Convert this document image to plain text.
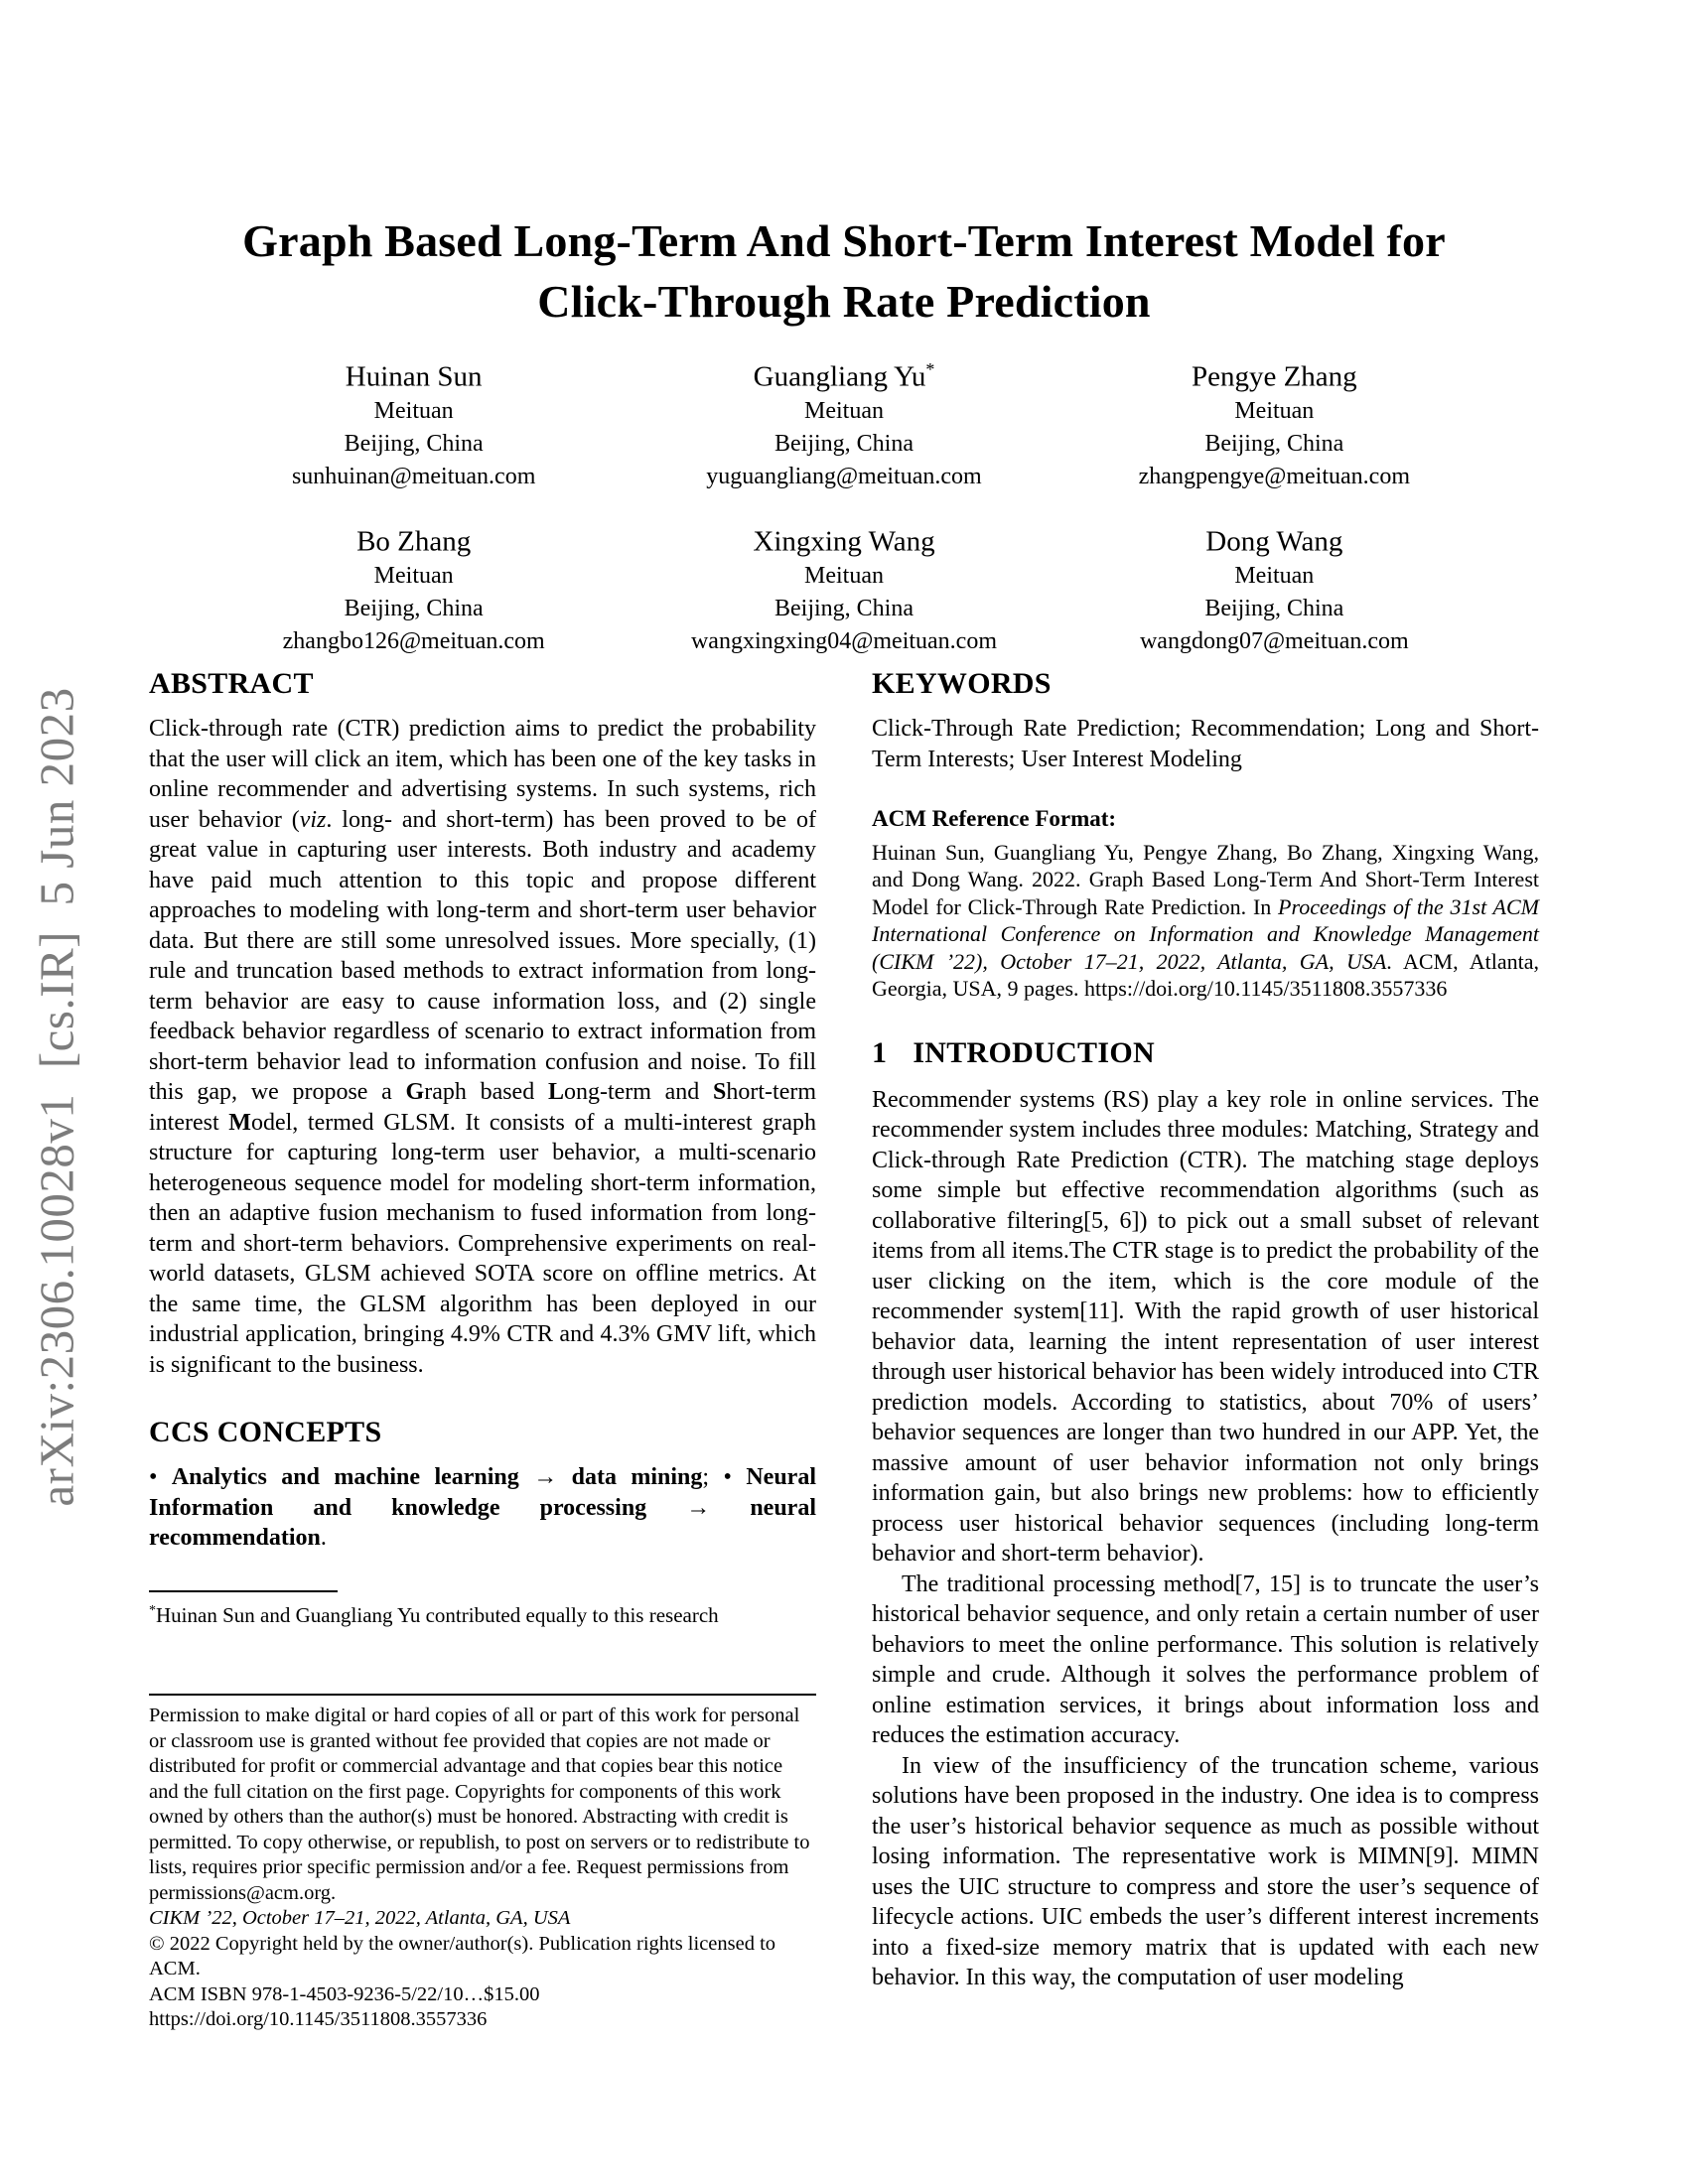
arXiv:2306.10028v1  [cs.IR]  5 Jun 2023
Graph Based Long-Term And Short-Term Interest Model for
Click-Through Rate Prediction
Huinan Sun
Meituan
Beijing, China
sunhuinan@meituan.com
Guangliang Yu*
Meituan
Beijing, China
yuguangliang@meituan.com
Pengye Zhang
Meituan
Beijing, China
zhangpengye@meituan.com
Bo Zhang
Meituan
Beijing, China
zhangbo126@meituan.com
Xingxing Wang
Meituan
Beijing, China
wangxingxing04@meituan.com
Dong Wang
Meituan
Beijing, China
wangdong07@meituan.com
ABSTRACT

Click-through rate (CTR) prediction aims to predict the probability that the user will click an item, which has been one of the key tasks in online recommender and advertising systems. In such systems, rich user behavior (viz. long- and short-term) has been proved to be of great value in capturing user interests. Both industry and academy have paid much attention to this topic and propose different approaches to modeling with long-term and short-term user behavior data. But there are still some unresolved issues. More specially, (1) rule and truncation based methods to extract information from long-term behavior are easy to cause information loss, and (2) single feedback behavior regardless of scenario to extract information from short-term behavior lead to information confusion and noise. To fill this gap, we propose a Graph based Long-term and Short-term interest Model, termed GLSM. It consists of a multi-interest graph structure for capturing long-term user behavior, a multi-scenario heterogeneous sequence model for modeling short-term information, then an adaptive fusion mechanism to fused information from long-term and short-term behaviors. Comprehensive experiments on real-world datasets, GLSM achieved SOTA score on offline metrics. At the same time, the GLSM algorithm has been deployed in our industrial application, bringing 4.9% CTR and 4.3% GMV lift, which is significant to the business.

CCS CONCEPTS

• Analytics and machine learning → data mining; • Neural Information and knowledge processing → neural recommendation.

*Huinan Sun and Guangliang Yu contributed equally to this research
Permission to make digital or hard copies of all or part of this work for personal or classroom use is granted without fee provided that copies are not made or distributed for profit or commercial advantage and that copies bear this notice and the full citation on the first page. Copyrights for components of this work owned by others than the author(s) must be honored. Abstracting with credit is permitted. To copy otherwise, or republish, to post on servers or to redistribute to lists, requires prior specific permission and/or a fee. Request permissions from permissions@acm.org.
CIKM ’22, October 17–21, 2022, Atlanta, GA, USA
© 2022 Copyright held by the owner/author(s). Publication rights licensed to ACM.
ACM ISBN 978-1-4503-9236-5/22/10…$15.00
https://doi.org/10.1145/3511808.3557336
KEYWORDS

Click-Through Rate Prediction; Recommendation; Long and Short-Term Interests; User Interest Modeling

ACM Reference Format:

Huinan Sun, Guangliang Yu, Pengye Zhang, Bo Zhang, Xingxing Wang, and Dong Wang. 2022. Graph Based Long-Term And Short-Term Interest Model for Click-Through Rate Prediction. In Proceedings of the 31st ACM International Conference on Information and Knowledge Management (CIKM ’22), October 17–21, 2022, Atlanta, GA, USA. ACM, Atlanta, Georgia, USA, 9 pages. https://doi.org/10.1145/3511808.3557336

1 INTRODUCTION

Recommender systems (RS) play a key role in online services. The recommender system includes three modules: Matching, Strategy and Click-through Rate Prediction (CTR). The matching stage deploys some simple but effective recommendation algorithms (such as collaborative filtering[5, 6]) to pick out a small subset of relevant items from all items.The CTR stage is to predict the probability of the user clicking on the item, which is the core module of the recommender system[11]. With the rapid growth of user historical behavior data, learning the intent representation of user interest through user historical behavior has been widely introduced into CTR prediction models. According to statistics, about 70% of users’ behavior sequences are longer than two hundred in our APP. Yet, the massive amount of user behavior information not only brings information gain, but also brings new problems: how to efficiently process user historical behavior sequences (including long-term behavior and short-term behavior).

The traditional processing method[7, 15] is to truncate the user’s historical behavior sequence, and only retain a certain number of user behaviors to meet the online performance. This solution is relatively simple and crude. Although it solves the performance problem of online estimation services, it brings about information loss and reduces the estimation accuracy.

In view of the insufficiency of the truncation scheme, various solutions have been proposed in the industry. One idea is to compress the user’s historical behavior sequence as much as possible without losing information. The representative work is MIMN[9]. MIMN uses the UIC structure to compress and store the user’s sequence of lifecycle actions. UIC embeds the user’s different interest increments into a fixed-size memory matrix that is updated with each new behavior. In this way, the computation of user modeling
